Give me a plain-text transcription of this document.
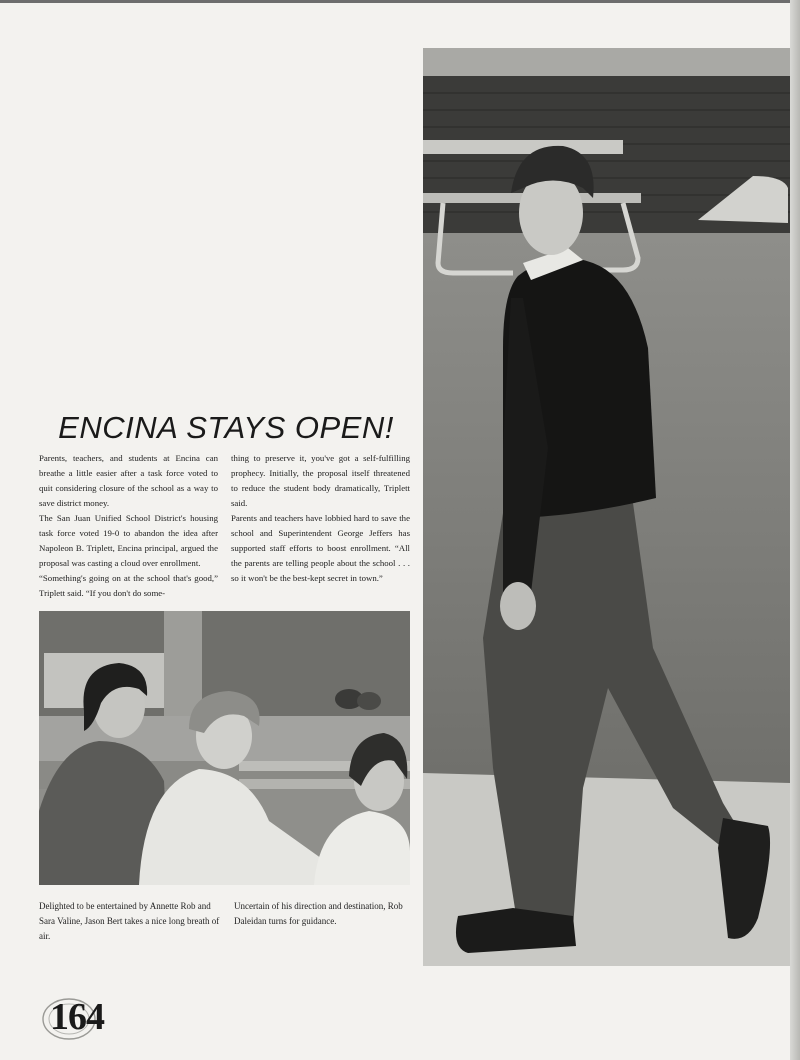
ENCINA STAYS OPEN!

Parents, teachers, and students at Encina can breathe a little easier after a task force voted to quit considering closure of the school as a way to save district money.

The San Juan Unified School District's housing task force voted 19-0 to abandon the idea after Napoleon B. Triplett, Encina principal, argued the proposal was casting a cloud over enrollment.

“Something's going on at the school that's good,” Triplett said. “If you don't do some-

thing to preserve it, you've got a self-fulfilling prophecy. Initially, the proposal itself threatened to reduce the student body dramatically, Triplett said.

Parents and teachers have lobbied hard to save the school and Superintendent George Jeffers has supported staff efforts to boost enrollment. “All the parents are telling people about the school . . . so it won't be the best-kept secret in town.”

Delighted to be entertained by Annette Rob and Sara Valine, Jason Bert takes a nice long breath of air.

Uncertain of his direction and destination, Rob Daleidan turns for guidance.

164
